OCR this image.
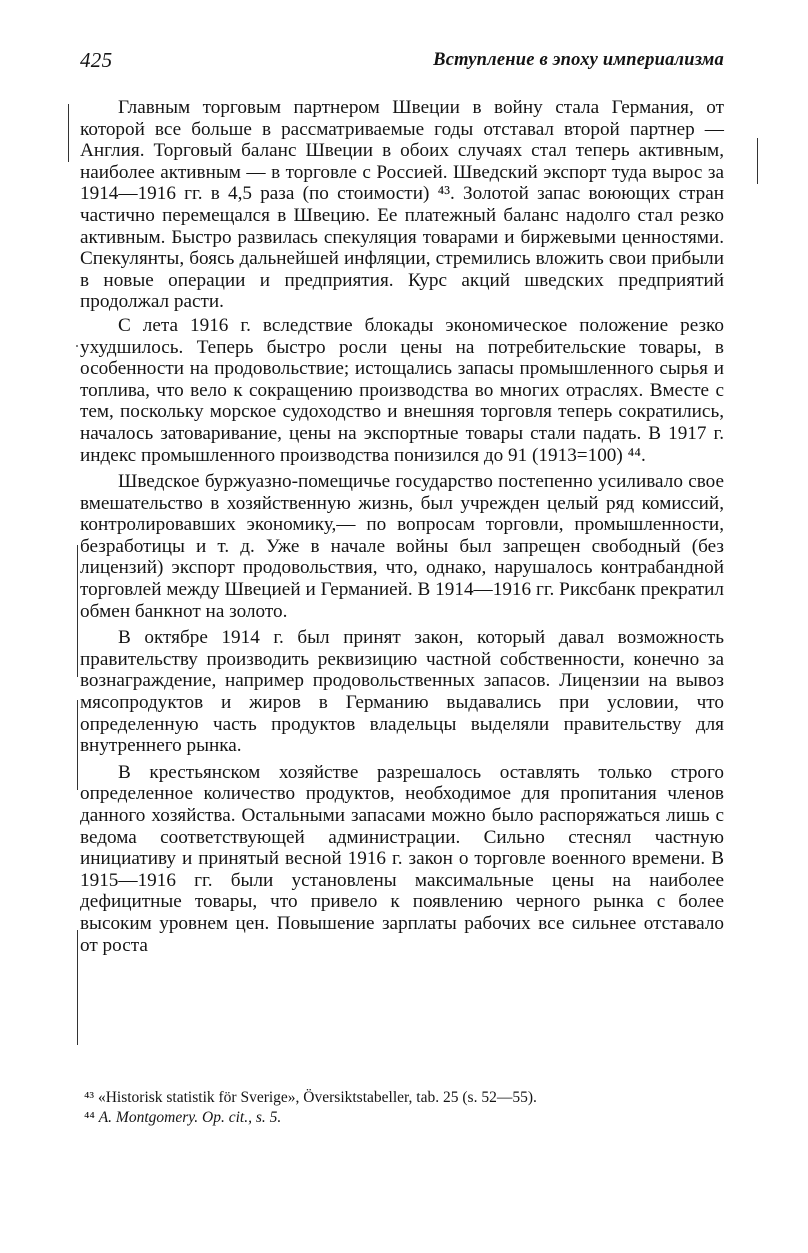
425	Вступление в эпоху империализма

Главным торговым партнером Швеции в войну стала Германия, от которой все больше в рассматриваемые годы отставал второй партнер — Англия. Торговый баланс Швеции в обоих случаях стал теперь активным, наиболее активным — в торговле с Россией. Шведский экспорт туда вырос за 1914—1916 гг. в 4,5 раза (по стоимости) ⁴³. Золотой запас воюющих стран частично перемещался в Швецию. Ее платежный баланс надолго стал резко активным. Быстро развилась спекуляция товарами и биржевыми ценностями. Спекулянты, боясь дальнейшей инфляции, стремились вложить свои прибыли в новые операции и предприятия. Курс акций шведских предприятий продолжал расти.

С лета 1916 г. вследствие блокады экономическое положение резко ухудшилось. Теперь быстро росли цены на потребительские товары, в особенности на продовольствие; истощались запасы промышленного сырья и топлива, что вело к сокращению производства во многих отраслях. Вместе с тем, поскольку морское судоходство и внешняя торговля теперь сократились, началось затоваривание, цены на экспортные товары стали падать. В 1917 г. индекс промышленного производства понизился до 91 (1913=100) ⁴⁴.

Шведское буржуазно-помещичье государство постепенно усиливало свое вмешательство в хозяйственную жизнь, был учрежден целый ряд комиссий, контролировавших экономику,— по вопросам торговли, промышленности, безработицы и т. д. Уже в начале войны был запрещен свободный (без лицензий) экспорт продовольствия, что, однако, нарушалось контрабандной торговлей между Швецией и Германией. В 1914—1916 гг. Риксбанк прекратил обмен банкнот на золото.

В октябре 1914 г. был принят закон, который давал возможность правительству производить реквизицию частной собственности, конечно за вознаграждение, например продовольственных запасов. Лицензии на вывоз мясопродуктов и жиров в Германию выдавались при условии, что определенную часть продуктов владельцы выделяли правительству для внутреннего рынка.

В крестьянском хозяйстве разрешалось оставлять только строго определенное количество продуктов, необходимое для пропитания членов данного хозяйства. Остальными запасами можно было распоряжаться лишь с ведома соответствующей администрации. Сильно стеснял частную инициативу и принятый весной 1916 г. закон о торговле военного времени. В 1915—1916 гг. были установлены максимальные цены на наиболее дефицитные товары, что привело к появлению черного рынка с более высоким уровнем цен. Повышение зарплаты рабочих все сильнее отставало от роста

⁴³ «Historisk statistik för Sverige», Översiktstabeller, tab. 25 (s. 52—55).

⁴⁴ A. Montgomery. Op. cit., s. 5.
